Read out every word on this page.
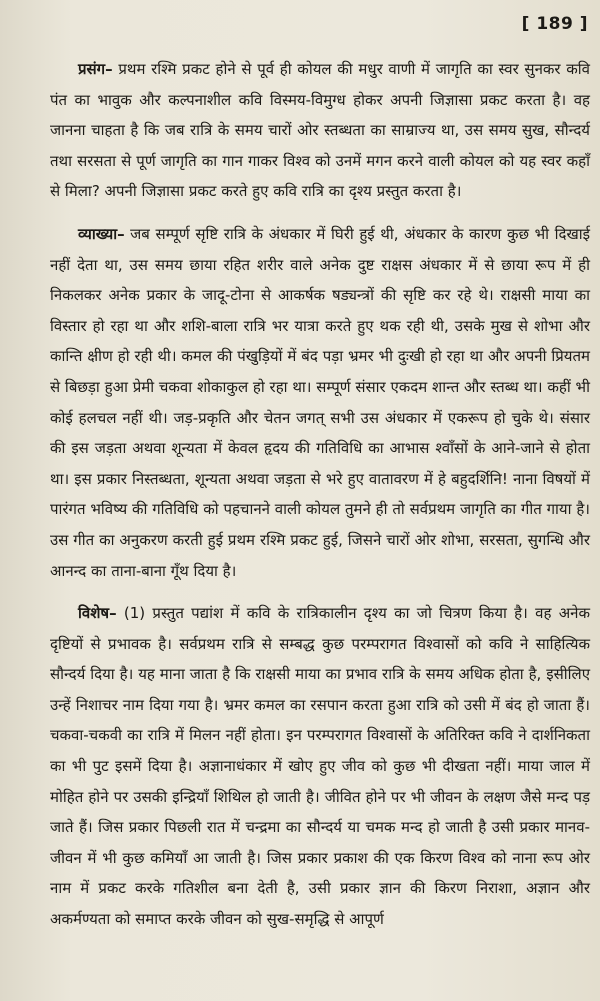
[ 189 ]

प्रसंग– प्रथम रश्मि प्रकट होने से पूर्व ही कोयल की मधुर वाणी में जागृति का स्वर सुनकर कवि पंत का भावुक और कल्पनाशील कवि विस्मय-विमुग्ध होकर अपनी जिज्ञासा प्रकट करता है। वह जानना चाहता है कि जब रात्रि के समय चारों ओर स्तब्धता का साम्राज्य था, उस समय सुख, सौन्दर्य तथा सरसता से पूर्ण जागृति का गान गाकर विश्व को उनमें मगन करने वाली कोयल को यह स्वर कहाँ से मिला? अपनी जिज्ञासा प्रकट करते हुए कवि रात्रि का दृश्य प्रस्तुत करता है।

व्याख्या– जब सम्पूर्ण सृष्टि रात्रि के अंधकार में घिरी हुई थी, अंधकार के कारण कुछ भी दिखाई नहीं देता था, उस समय छाया रहित शरीर वाले अनेक दुष्ट राक्षस अंधकार में से छाया रूप में ही निकलकर अनेक प्रकार के जादू-टोना से आकर्षक षड्यन्त्रों की सृष्टि कर रहे थे। राक्षसी माया का विस्तार हो रहा था और शशि-बाला रात्रि भर यात्रा करते हुए थक रही थी, उसके मुख से शोभा और कान्ति क्षीण हो रही थी। कमल की पंखुड़ियों में बंद पड़ा भ्रमर भी दुःखी हो रहा था और अपनी प्रियतम से बिछड़ा हुआ प्रेमी चकवा शोकाकुल हो रहा था। सम्पूर्ण संसार एकदम शान्त और स्तब्ध था। कहीं भी कोई हलचल नहीं थी। जड़-प्रकृति और चेतन जगत् सभी उस अंधकार में एकरूप हो चुके थे। संसार की इस जड़ता अथवा शून्यता में केवल हृदय की गतिविधि का आभास श्वाँसों के आने-जाने से होता था। इस प्रकार निस्तब्धता, शून्यता अथवा जड़ता से भरे हुए वातावरण में हे बहुदर्शिनि! नाना विषयों में पारंगत भविष्य की गतिविधि को पहचानने वाली कोयल तुमने ही तो सर्वप्रथम जागृति का गीत गाया है। उस गीत का अनुकरण करती हुई प्रथम रश्मि प्रकट हुई, जिसने चारों ओर शोभा, सरसता, सुगन्धि और आनन्द का ताना-बाना गूँथ दिया है।

विशेष– (1) प्रस्तुत पद्यांश में कवि के रात्रिकालीन दृश्य का जो चित्रण किया है। वह अनेक दृष्टियों से प्रभावक है। सर्वप्रथम रात्रि से सम्बद्ध कुछ परम्परागत विश्वासों को कवि ने साहित्यिक सौन्दर्य दिया है। यह माना जाता है कि राक्षसी माया का प्रभाव रात्रि के समय अधिक होता है, इसीलिए उन्हें निशाचर नाम दिया गया है। भ्रमर कमल का रसपान करता हुआ रात्रि को उसी में बंद हो जाता हैं। चकवा-चकवी का रात्रि में मिलन नहीं होता। इन परम्परागत विश्वासों के अतिरिक्त कवि ने दार्शनिकता का भी पुट इसमें दिया है। अज्ञानाधंकार में खोए हुए जीव को कुछ भी दीखता नहीं। माया जाल में मोहित होने पर उसकी इन्द्रियाँ शिथिल हो जाती है। जीवित होने पर भी जीवन के लक्षण जैसे मन्द पड़ जाते हैं। जिस प्रकार पिछली रात में चन्द्रमा का सौन्दर्य या चमक मन्द हो जाती है उसी प्रकार मानव-जीवन में भी कुछ कमियाँ आ जाती है। जिस प्रकार प्रकाश की एक किरण विश्व को नाना रूप ओर नाम में प्रकट करके गतिशील बना देती है, उसी प्रकार ज्ञान की किरण निराशा, अज्ञान और अकर्मण्यता को समाप्त करके जीवन को सुख-समृद्धि से आपूर्ण
